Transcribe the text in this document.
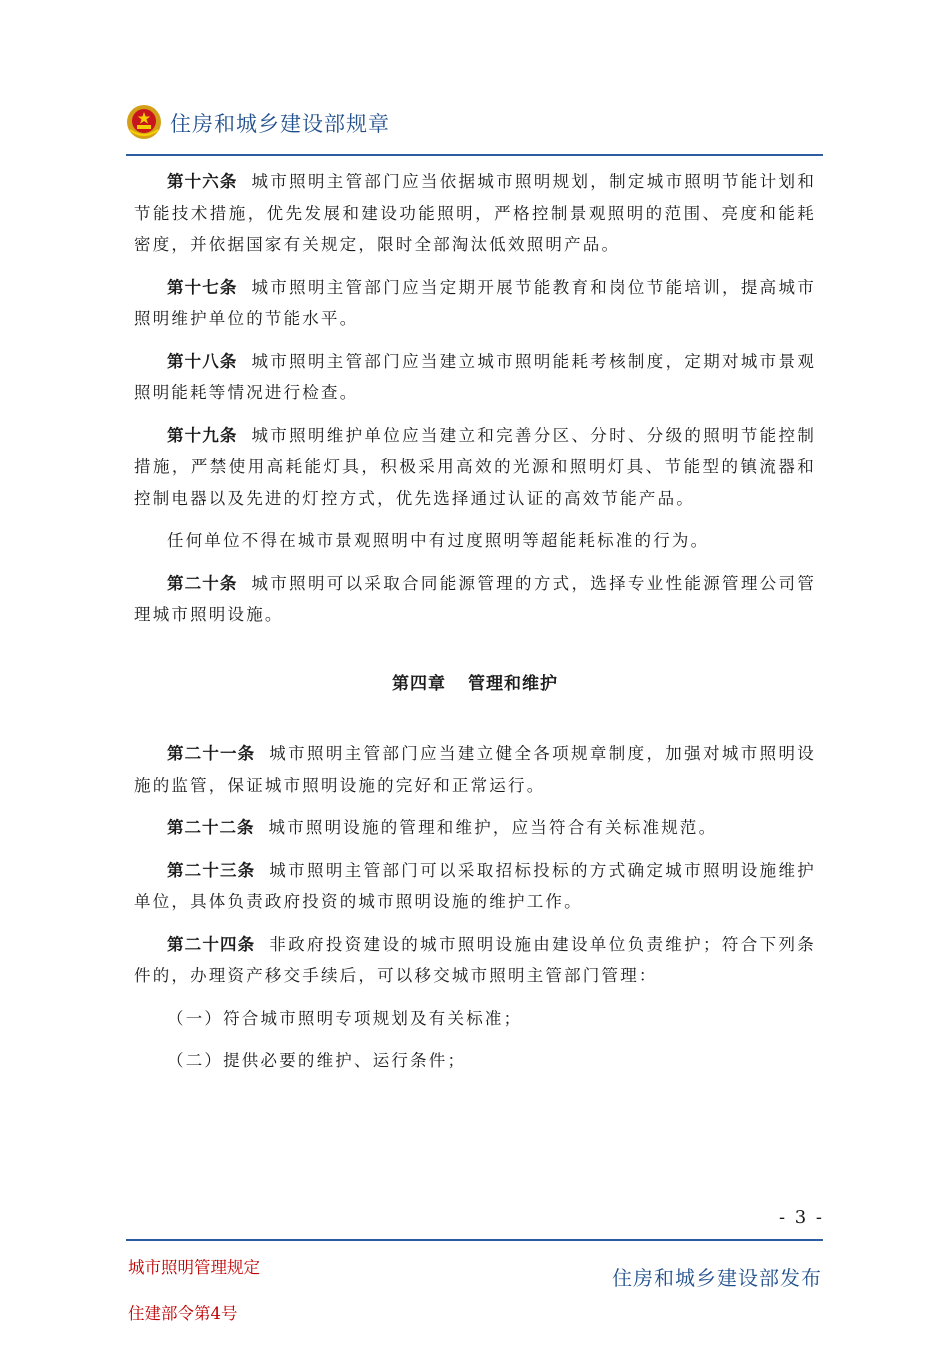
住房和城乡建设部规章

第十六条 城市照明主管部门应当依据城市照明规划，制定城市照明节能计划和节能技术措施，优先发展和建设功能照明，严格控制景观照明的范围、亮度和能耗密度，并依据国家有关规定，限时全部淘汰低效照明产品。

第十七条 城市照明主管部门应当定期开展节能教育和岗位节能培训，提高城市照明维护单位的节能水平。

第十八条 城市照明主管部门应当建立城市照明能耗考核制度，定期对城市景观照明能耗等情况进行检查。

第十九条 城市照明维护单位应当建立和完善分区、分时、分级的照明节能控制措施，严禁使用高耗能灯具，积极采用高效的光源和照明灯具、节能型的镇流器和控制电器以及先进的灯控方式，优先选择通过认证的高效节能产品。

任何单位不得在城市景观照明中有过度照明等超能耗标准的行为。

第二十条 城市照明可以采取合同能源管理的方式，选择专业性能源管理公司管理城市照明设施。

第四章 管理和维护

第二十一条 城市照明主管部门应当建立健全各项规章制度，加强对城市照明设施的监管，保证城市照明设施的完好和正常运行。

第二十二条 城市照明设施的管理和维护，应当符合有关标准规范。

第二十三条 城市照明主管部门可以采取招标投标的方式确定城市照明设施维护单位，具体负责政府投资的城市照明设施的维护工作。

第二十四条 非政府投资建设的城市照明设施由建设单位负责维护；符合下列条件的，办理资产移交手续后，可以移交城市照明主管部门管理：

（一）符合城市照明专项规划及有关标准；

（二）提供必要的维护、运行条件；

- 3 -
城市照明管理规定
住建部令第4号
住房和城乡建设部发布
